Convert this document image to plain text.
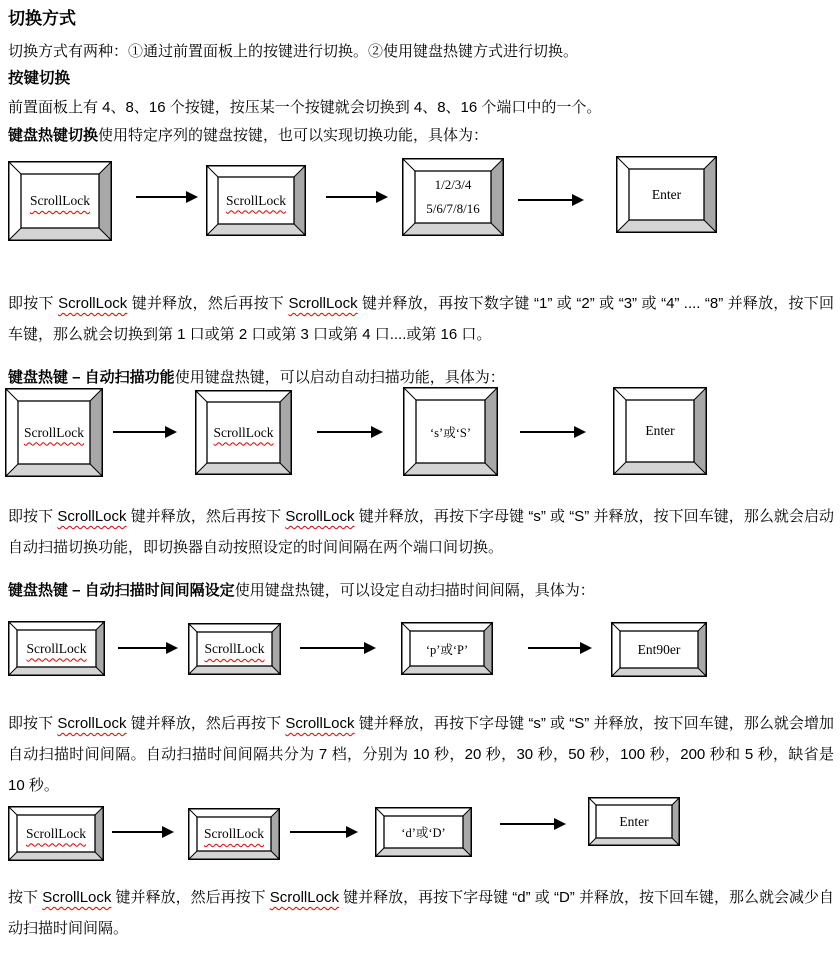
切换方式
切换方式有两种：①通过前置面板上的按键进行切换。②使用键盘热键方式进行切换。
按键切换
前置面板上有 4、8、16 个按键，按压某一个按键就会切换到 4、8、16 个端口中的一个。
键盘热键切换使用特定序列的键盘按键，也可以实现切换功能，具体为：
ScrollLock	ScrollLock
1/2/3/4
5/6/7/8/16
Enter
即按下 ScrollLock 键并释放，然后再按下 ScrollLock 键并释放，再按下数字键 “1” 或 “2” 或 “3” 或 “4” .... “8” 并释放，按下回车键，那么就会切换到第 1 口或第 2 口或第 3 口或第 4 口....或第 16 口。
键盘热键 – 自动扫描功能使用键盘热键，可以启动自动扫描功能，具体为：
ScrollLock	ScrollLock	‘s’或‘S’	Enter
即按下 ScrollLock 键并释放，然后再按下 ScrollLock 键并释放，再按下字母键 “s” 或 “S” 并释放，按下回车键，那么就会启动自动扫描切换功能，即切换器自动按照设定的时间间隔在两个端口间切换。
键盘热键 – 自动扫描时间间隔设定使用键盘热键，可以设定自动扫描时间间隔，具体为：
ScrollLock	ScrollLock	‘p’或‘P’	Ent90er
即按下 ScrollLock 键并释放，然后再按下 ScrollLock 键并释放，再按下字母键 “s” 或 “S” 并释放，按下回车键，那么就会增加自动扫描时间间隔。自动扫描时间间隔共分为 7 档，分别为 10 秒，20 秒，30 秒，50 秒，100 秒，200 秒和 5 秒，缺省是 10 秒。
ScrollLock	ScrollLock	‘d’或‘D’
Enter
按下 ScrollLock 键并释放，然后再按下 ScrollLock 键并释放，再按下字母键 “d” 或 “D” 并释放，按下回车键，那么就会减少自动扫描时间间隔。
